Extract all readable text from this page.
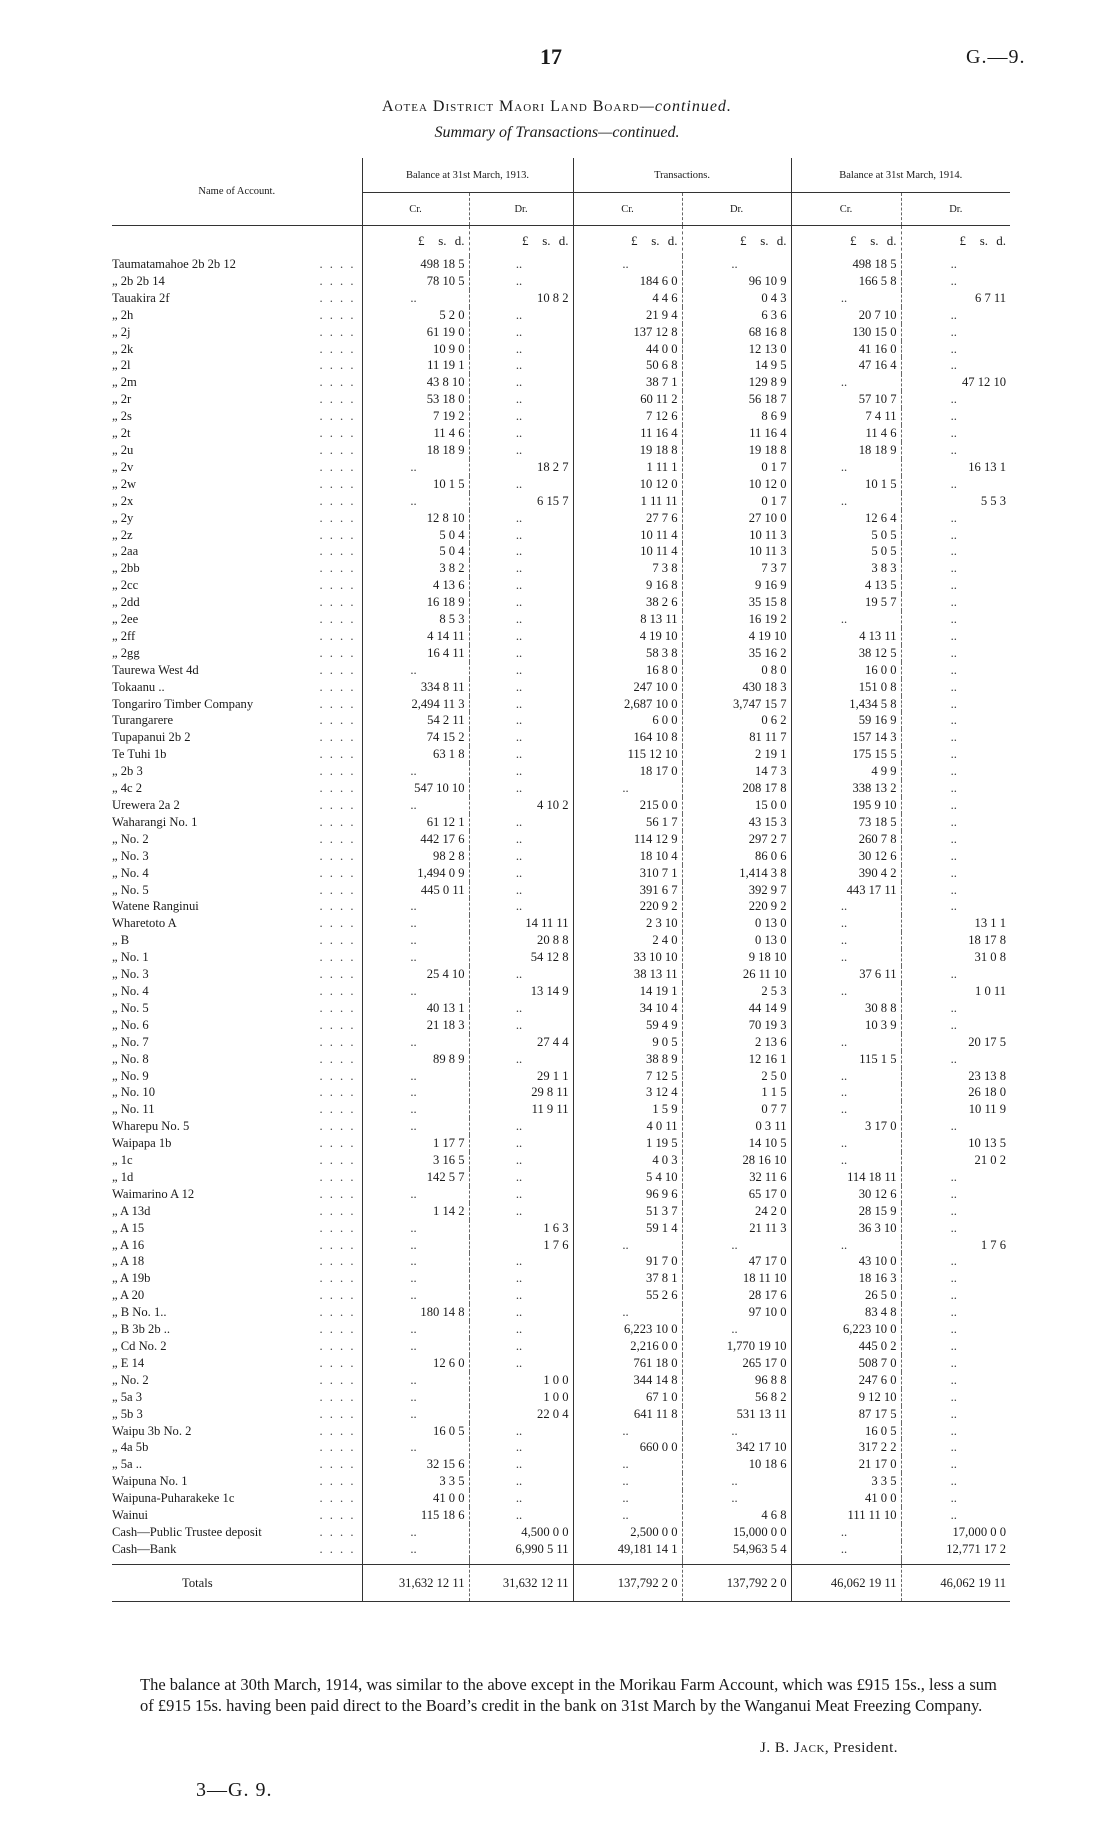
17	G.—9.
Aotea District Maori Land Board—continued.
Summary of Transactions—continued.
Name of Account.	Balance at 31st March, 1913.		Transactions.		Balance at 31st March, 1914.	
	Cr.	Dr.	Cr.	Dr.	Cr.	Dr.

	£ s. d.	£ s. d.	£ s. d.	£ s. d.	£ s. d.	£ s. d.

Taumatamahoe 2b 2b 12 . . . .	498 18 5	..	..	..	498 18 5	..

„ 2b 2b 14 . . . .	78 10 5	..	184 6 0	96 10 9	166 5 8	..

Tauakira 2f . . . .	..	10 8 2	4 4 6	0 4 3	..	6 7 11

„ 2h . . . .	5 2 0	..	21 9 4	6 3 6	20 7 10	..

„ 2j . . . .	61 19 0	..	137 12 8	68 16 8	130 15 0	..

„ 2k . . . .	10 9 0	..	44 0 0	12 13 0	41 16 0	..

„ 2l . . . .	11 19 1	..	50 6 8	14 9 5	47 16 4	..

„ 2m . . . .	43 8 10	..	38 7 1	129 8 9	..	47 12 10

„ 2r . . . .	53 18 0	..	60 11 2	56 18 7	57 10 7	..

„ 2s . . . .	7 19 2	..	7 12 6	8 6 9	7 4 11	..

„ 2t . . . .	11 4 6	..	11 16 4	11 16 4	11 4 6	..

„ 2u . . . .	18 18 9	..	19 18 8	19 18 8	18 18 9	..

„ 2v . . . .	..	18 2 7	1 11 1	0 1 7	..	16 13 1

„ 2w . . . .	10 1 5	..	10 12 0	10 12 0	10 1 5	..

„ 2x . . . .	..	6 15 7	1 11 11	0 1 7	..	5 5 3

„ 2y . . . .	12 8 10	..	27 7 6	27 10 0	12 6 4	..

„ 2z . . . .	5 0 4	..	10 11 4	10 11 3	5 0 5	..

„ 2aa . . . .	5 0 4	..	10 11 4	10 11 3	5 0 5	..

„ 2bb . . . .	3 8 2	..	7 3 8	7 3 7	3 8 3	..

„ 2cc . . . .	4 13 6	..	9 16 8	9 16 9	4 13 5	..

„ 2dd . . . .	16 18 9	..	38 2 6	35 15 8	19 5 7	..

„ 2ee . . . .	8 5 3	..	8 13 11	16 19 2	..	..

„ 2ff . . . .	4 14 11	..	4 19 10	4 19 10	4 13 11	..

„ 2gg . . . .	16 4 11	..	58 3 8	35 16 2	38 12 5	..

Taurewa West 4d . . . .	..	..	16 8 0	0 8 0	16 0 0	..

Tokaanu .. . . . .	334 8 11	..	247 10 0	430 18 3	151 0 8	..

Tongariro Timber Company . . . .	2,494 11 3	..	2,687 10 0	3,747 15 7	1,434 5 8	..

Turangarere . . . .	54 2 11	..	6 0 0	0 6 2	59 16 9	..

Tupapanui 2b 2 . . . .	74 15 2	..	164 10 8	81 11 7	157 14 3	..

Te Tuhi 1b . . . .	63 1 8	..	115 12 10	2 19 1	175 15 5	..

„ 2b 3 . . . .	..	..	18 17 0	14 7 3	4 9 9	..

„ 4c 2 . . . .	547 10 10	..	..	208 17 8	338 13 2	..

Urewera 2a 2 . . . .	..	4 10 2	215 0 0	15 0 0	195 9 10	..

Waharangi No. 1 . . . .	61 12 1	..	56 1 7	43 15 3	73 18 5	..

„ No. 2 . . . .	442 17 6	..	114 12 9	297 2 7	260 7 8	..

„ No. 3 . . . .	98 2 8	..	18 10 4	86 0 6	30 12 6	..

„ No. 4 . . . .	1,494 0 9	..	310 7 1	1,414 3 8	390 4 2	..

„ No. 5 . . . .	445 0 11	..	391 6 7	392 9 7	443 17 11	..

Watene Ranginui . . . .	..	..	220 9 2	220 9 2	..	..

Wharetoto A . . . .	..	14 11 11	2 3 10	0 13 0	..	13 1 1

„ B . . . .	..	20 8 8	2 4 0	0 13 0	..	18 17 8

„ No. 1 . . . .	..	54 12 8	33 10 10	9 18 10	..	31 0 8

„ No. 3 . . . .	25 4 10	..	38 13 11	26 11 10	37 6 11	..

„ No. 4 . . . .	..	13 14 9	14 19 1	2 5 3	..	1 0 11

„ No. 5 . . . .	40 13 1	..	34 10 4	44 14 9	30 8 8	..

„ No. 6 . . . .	21 18 3	..	59 4 9	70 19 3	10 3 9	..

„ No. 7 . . . .	..	27 4 4	9 0 5	2 13 6	..	20 17 5

„ No. 8 . . . .	89 8 9	..	38 8 9	12 16 1	115 1 5	..

„ No. 9 . . . .	..	29 1 1	7 12 5	2 5 0	..	23 13 8

„ No. 10 . . . .	..	29 8 11	3 12 4	1 1 5	..	26 18 0

„ No. 11 . . . .	..	11 9 11	1 5 9	0 7 7	..	10 11 9

Wharepu No. 5 . . . .	..	..	4 0 11	0 3 11	3 17 0	..

Waipapa 1b . . . .	1 17 7	..	1 19 5	14 10 5	..	10 13 5

„ 1c . . . .	3 16 5	..	4 0 3	28 16 10	..	21 0 2

„ 1d . . . .	142 5 7	..	5 4 10	32 11 6	114 18 11	..

Waimarino A 12 . . . .	..	..	96 9 6	65 17 0	30 12 6	..

„ A 13d . . . .	1 14 2	..	51 3 7	24 2 0	28 15 9	..

„ A 15 . . . .	..	1 6 3	59 1 4	21 11 3	36 3 10	..

„ A 16 . . . .	..	1 7 6	..	..	..	1 7 6

„ A 18 . . . .	..	..	91 7 0	47 17 0	43 10 0	..

„ A 19b . . . .	..	..	37 8 1	18 11 10	18 16 3	..

„ A 20 . . . .	..	..	55 2 6	28 17 6	26 5 0	..

„ B No. 1.. . . . .	180 14 8	..	..	97 10 0	83 4 8	..

„ B 3b 2b .. . . . .	..	..	6,223 10 0	..	6,223 10 0	..

„ Cd No. 2 . . . .	..	..	2,216 0 0	1,770 19 10	445 0 2	..

„ E 14 . . . .	12 6 0	..	761 18 0	265 17 0	508 7 0	..

„ No. 2 . . . .	..	1 0 0	344 14 8	96 8 8	247 6 0	..

„ 5a 3 . . . .	..	1 0 0	67 1 0	56 8 2	9 12 10	..

„ 5b 3 . . . .	..	22 0 4	641 11 8	531 13 11	87 17 5	..

Waipu 3b No. 2 . . . .	16 0 5	..	..	..	16 0 5	..

„ 4a 5b . . . .	..	..	660 0 0	342 17 10	317 2 2	..

„ 5a .. . . . .	32 15 6	..	..	10 18 6	21 17 0	..

Waipuna No. 1 . . . .	3 3 5	..	..	..	3 3 5	..

Waipuna-Puharakeke 1c . . . .	41 0 0	..	..	..	41 0 0	..

Wainui . . . .	115 18 6	..	..	4 6 8	111 11 10	..

Cash—Public Trustee deposit . . . .	..	4,500 0 0	2,500 0 0	15,000 0 0	..	17,000 0 0

Cash—Bank . . . .	..	6,990 5 11	49,181 14 1	54,963 5 4	..	12,771 17 2

Totals	31,632 12 11	31,632 12 11	137,792 2 0	137,792 2 0	46,062 19 11	46,062 19 11
The balance at 30th March, 1914, was similar to the above except in the Morikau Farm Account, which was £915 15s., less a sum of £915 15s. having been paid direct to the Board’s credit in the bank on 31st March by the Wanganui Meat Freezing Company.
J. B. Jack, President.
3—G. 9.
